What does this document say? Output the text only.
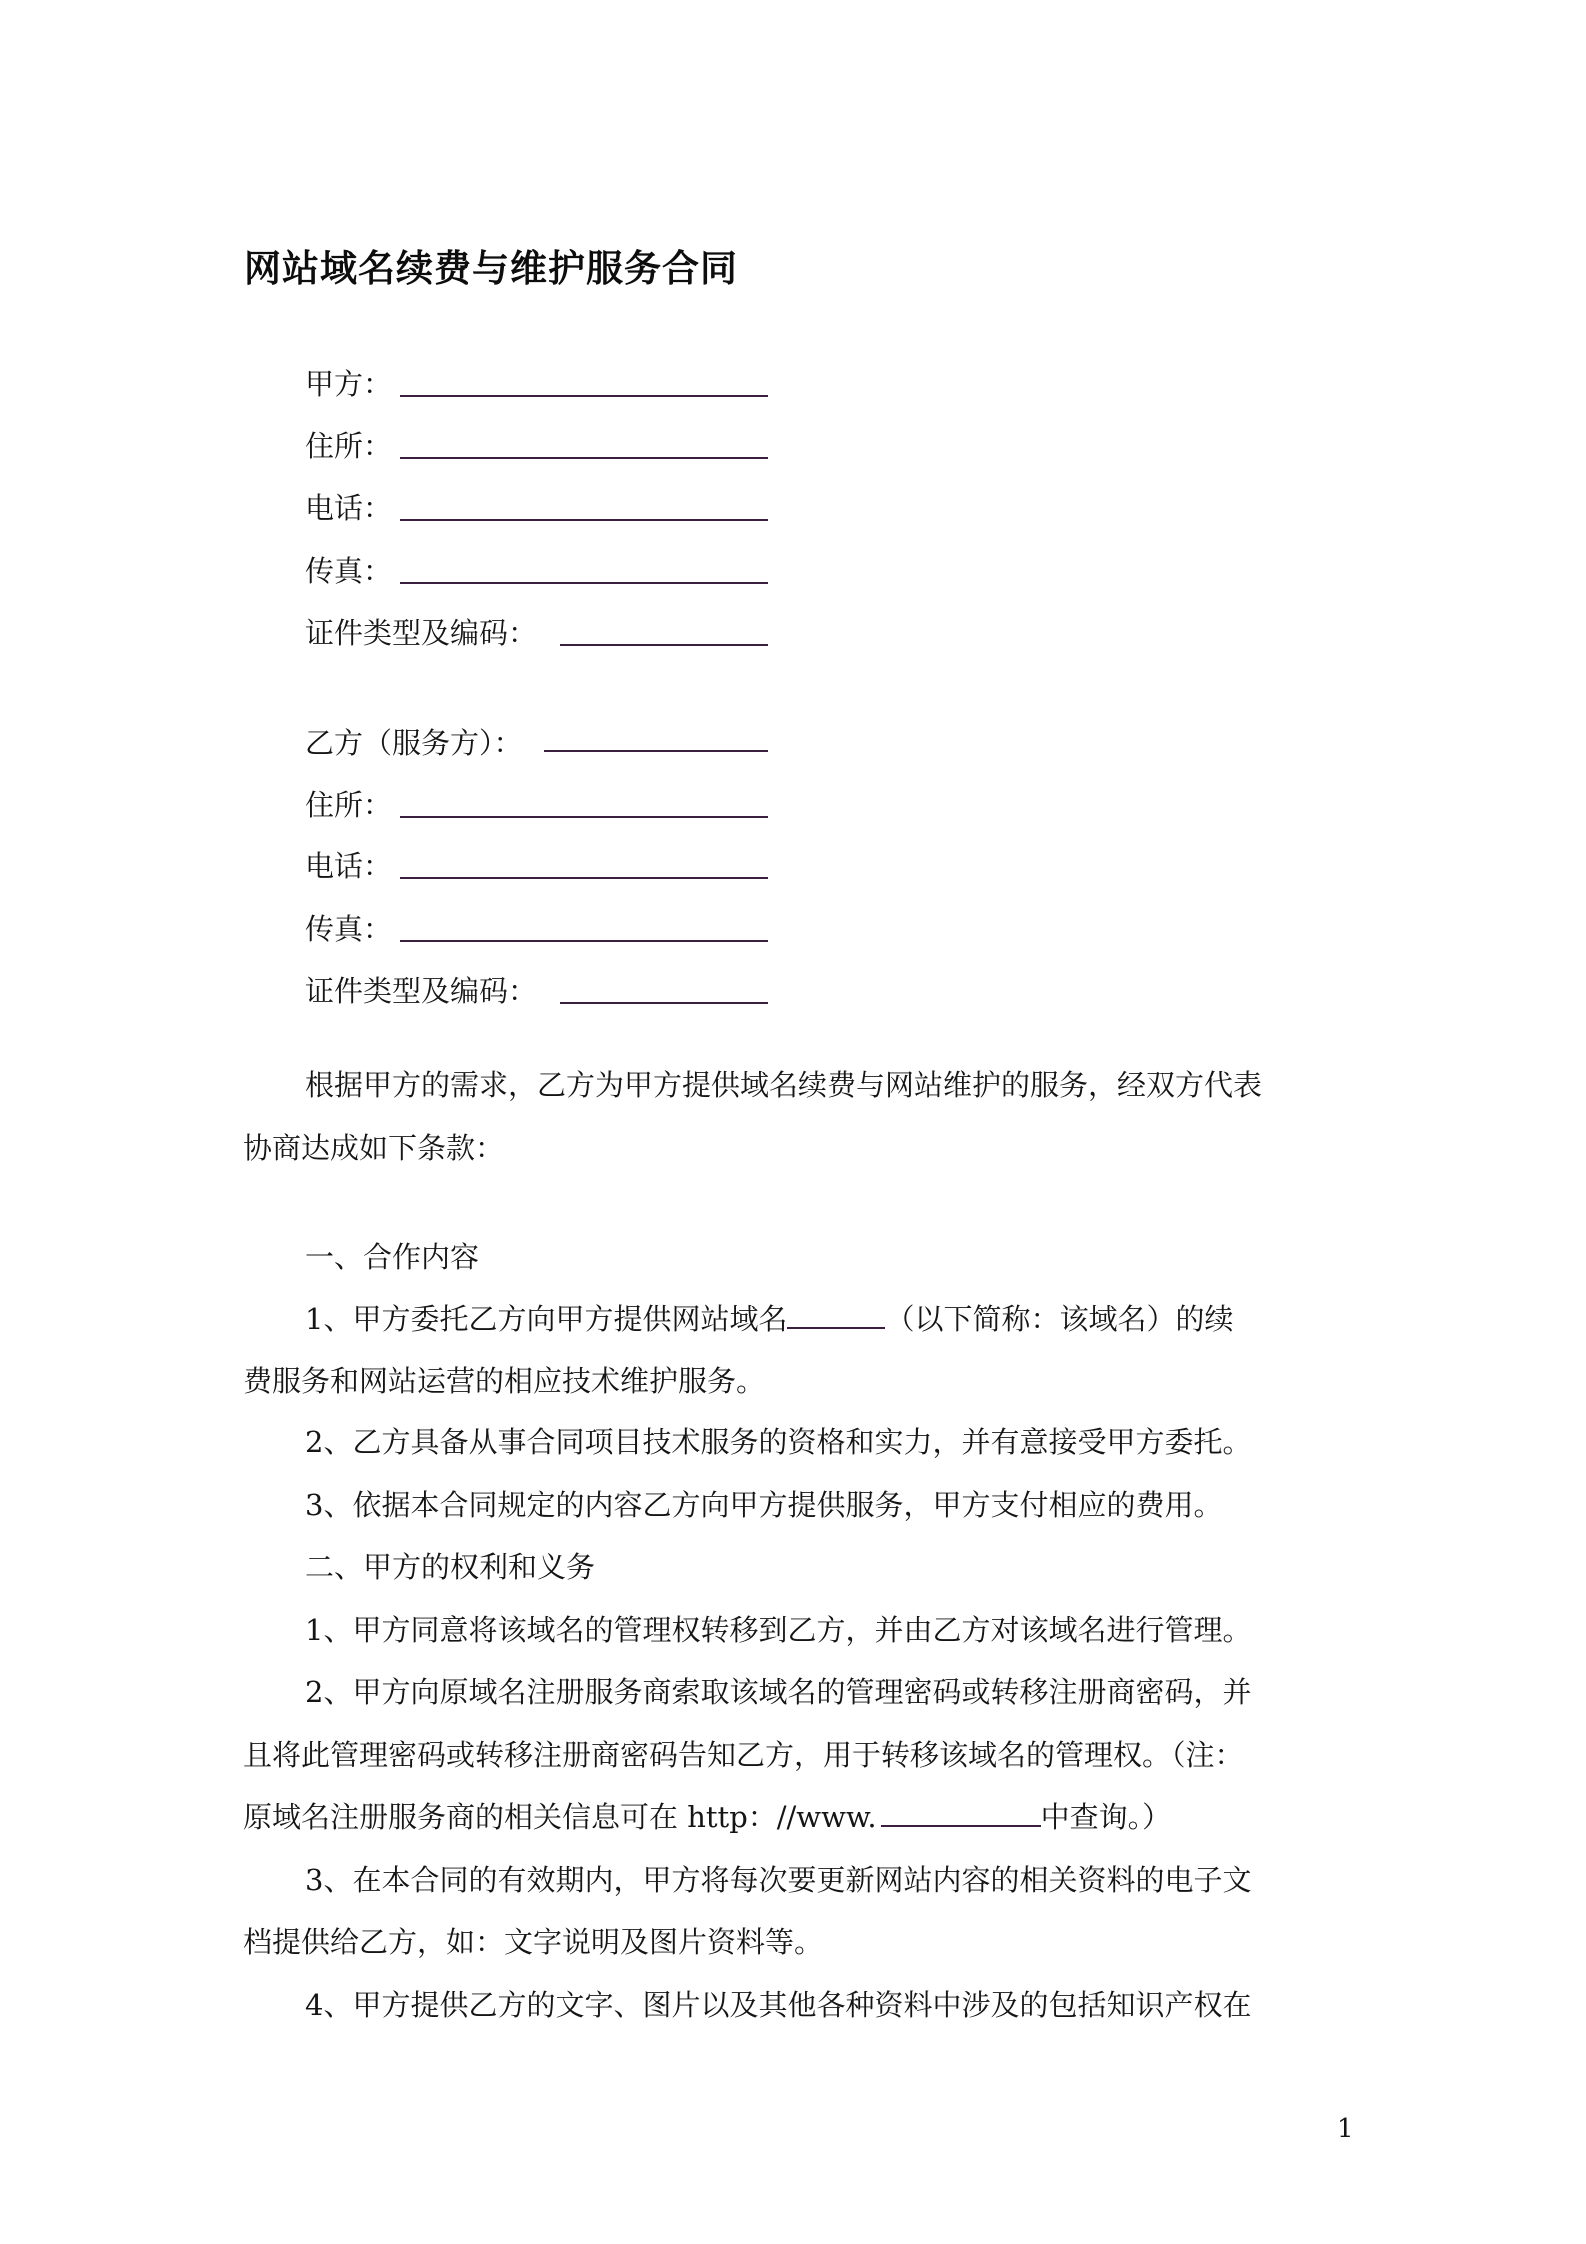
网站域名续费与维护服务合同
甲方：
住所：
电话：
传真：
证件类型及编码：
乙方（服务方）：
住所：
电话：
传真：
证件类型及编码：
根据甲方的需求，乙方为甲方提供域名续费与网站维护的服务，经双方代表
协商达成如下条款：
一、合作内容
1、甲方委托乙方向甲方提供网站域名	（以下简称：该域名）的续
费服务和网站运营的相应技术维护服务。
2、乙方具备从事合同项目技术服务的资格和实力，并有意接受甲方委托。
3、依据本合同规定的内容乙方向甲方提供服务，甲方支付相应的费用。
二、甲方的权利和义务
1、甲方同意将该域名的管理权转移到乙方，并由乙方对该域名进行管理。
2、甲方向原域名注册服务商索取该域名的管理密码或转移注册商密码，并
且将此管理密码或转移注册商密码告知乙方，用于转移该域名的管理权。（注：
原域名注册服务商的相关信息可在 http：//www.	中查询。）
3、在本合同的有效期内，甲方将每次要更新网站内容的相关资料的电子文
档提供给乙方，如：文字说明及图片资料等。
4、甲方提供乙方的文字、图片以及其他各种资料中涉及的包括知识产权在
1
